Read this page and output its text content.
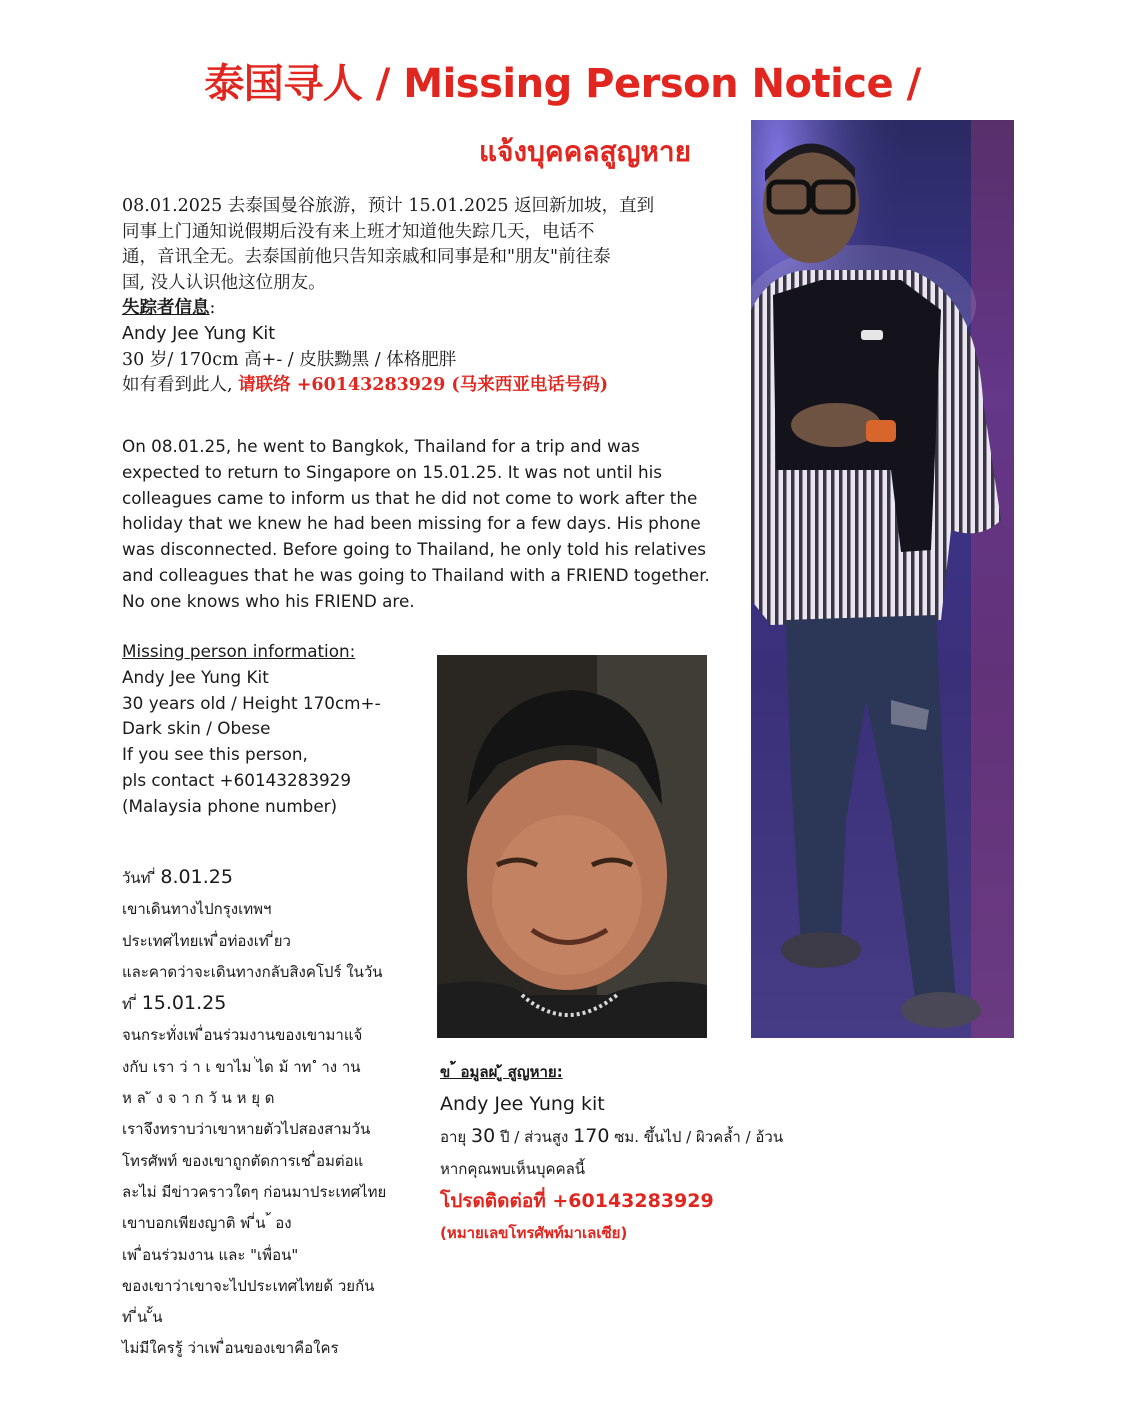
泰国寻人 / Missing Person Notice /
แจ้งบุคคลสูญหาย
08.01.2025 去泰国曼谷旅游，预计 15.01.2025 返回新加坡，直到
同事上门通知说假期后没有来上班才知道他失踪几天，电话不
通，音讯全无。去泰国前他只告知亲戚和同事是和"朋友"前往泰
国, 没人认识他这位朋友。
失踪者信息:
Andy Jee Yung Kit
30 岁/ 170cm 高+- / 皮肤黝黑 / 体格肥胖
如有看到此人, 请联络 +60143283929 (马来西亚电话号码)
On 08.01.25, he went to Bangkok, Thailand for a trip and was
expected to return to Singapore on 15.01.25. It was not until his
colleagues came to inform us that he did not come to work after the
holiday that we knew he had been missing for a few days. His phone
was disconnected. Before going to Thailand, he only told his relatives
and colleagues that he was going to Thailand with a FRIEND together.
No one knows who his FRIEND are.
Missing person information:
Andy Jee Yung Kit
30 years old / Height 170cm+-
Dark skin / Obese
If you see this person,
pls contact +60143283929
(Malaysia phone number)
วันท ี่ 8.01.25
เขาเดินทางไปกรุงเทพฯ
ประเทศไทยเพ ื่อท่องเท ี่ยว
และคาดว่าจะเดินทางกลับสิงคโปร์ ในวัน
ท ี่ 15.01.25
จนกระทั่งเพ ื่อนร่วมงานของเขามาแจ้
งกับ เรา ว่ า เ ขาไม ่ได ม้ าท ํ าง าน
ห ล ั ง จ า ก วั น ห ยุ ด
เราจึงทราบว่าเขาหายตัวไปสองสามวัน
โทรศัพท์ ของเขาถูกตัดการเช ื่อมต่อแ
ละไม่ มีข่าวคราวใดๆ ก่อนมาประเทศไทย
เขาบอกเพียงญาติ พ ี่น ้ อง
เพ ื่อนร่วมงาน และ "เพื่อน"
ของเขาว่าเขาจะไปประเทศไทยด้ วยกัน
ท ี่น ั้น
ไม่มีใครรู้ ว่าเพ ื่อนของเขาคือใคร
ข ้ อมูลผ ู้ สูญหาย:
Andy Jee Yung kit
อายุ 30 ปี / ส่วนสูง 170 ซม. ขึ้นไป / ผิวคล้ำ / อ้วน
หากคุณพบเห็นบุคคลนี้
โปรดติดต่อที่ +60143283929
(หมายเลขโทรศัพท์มาเลเซีย)
